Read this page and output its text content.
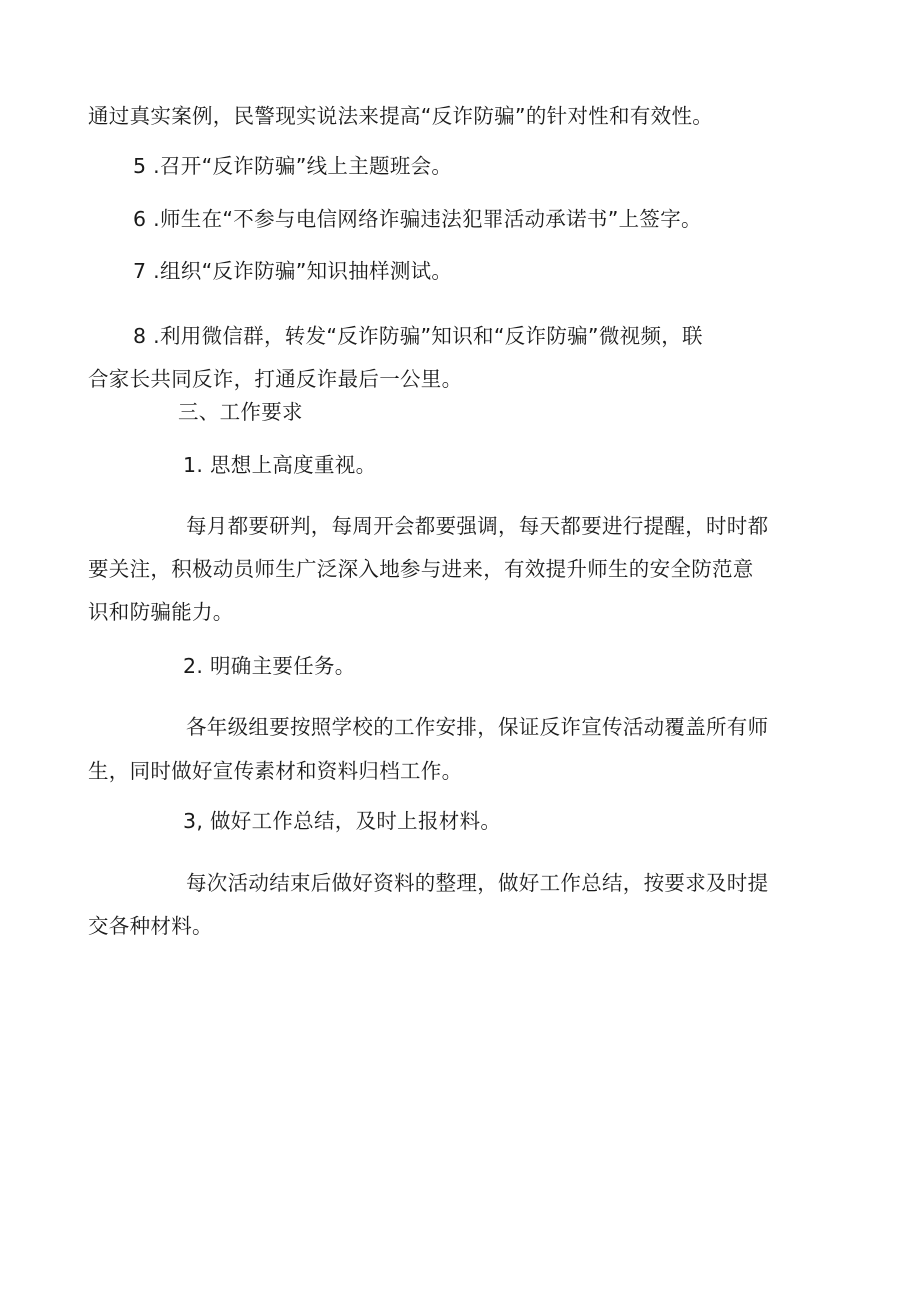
通过真实案例，民警现实说法来提高“反诈防骗”的针对性和有效性。
5 .召开“反诈防骗”线上主题班会。
6 .师生在“不参与电信网络诈骗违法犯罪活动承诺书”上签字。
7 .组织“反诈防骗”知识抽样测试。
8 .利用微信群，转发“反诈防骗”知识和“反诈防骗”微视频，联
合家长共同反诈，打通反诈最后一公里。
三、工作要求
1. 思想上高度重视。
每月都要研判，每周开会都要强调，每天都要进行提醒，时时都
要关注，积极动员师生广泛深入地参与进来，有效提升师生的安全防范意
识和防骗能力。
2. 明确主要任务。
各年级组要按照学校的工作安排，保证反诈宣传活动覆盖所有师
生，同时做好宣传素材和资料归档工作。
3, 做好工作总结，及时上报材料。
每次活动结束后做好资料的整理，做好工作总结，按要求及时提
交各种材料。
